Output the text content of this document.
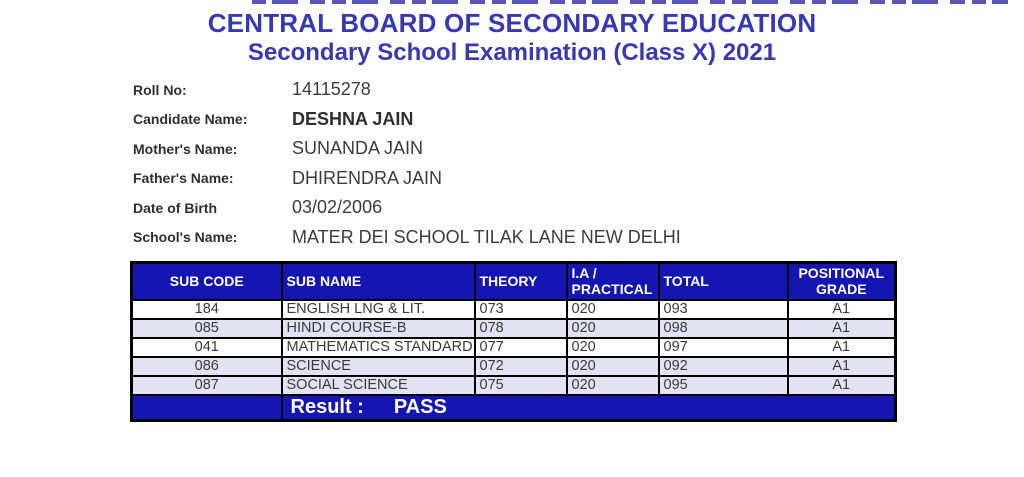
CENTRAL BOARD OF SECONDARY EDUCATION
Secondary School Examination (Class X) 2021
Roll No:	14115278
Candidate Name:	DESHNA JAIN
Mother's Name:	SUNANDA JAIN
Father's Name:	DHIRENDRA JAIN
Date of Birth	03/02/2006
School's Name:	MATER DEI SCHOOL TILAK LANE NEW DELHI
SUB CODE	SUB NAME	THEORY	I.A / PRACTICAL	TOTAL	POSITIONAL GRADE
184	ENGLISH LNG & LIT.	073	020	093	A1
085	HINDI COURSE-B	078	020	098	A1
041	MATHEMATICS STANDARD	077	020	097	A1
086	SCIENCE	072	020	092	A1
087	SOCIAL SCIENCE	075	020	095	A1
	Result : PASS				
